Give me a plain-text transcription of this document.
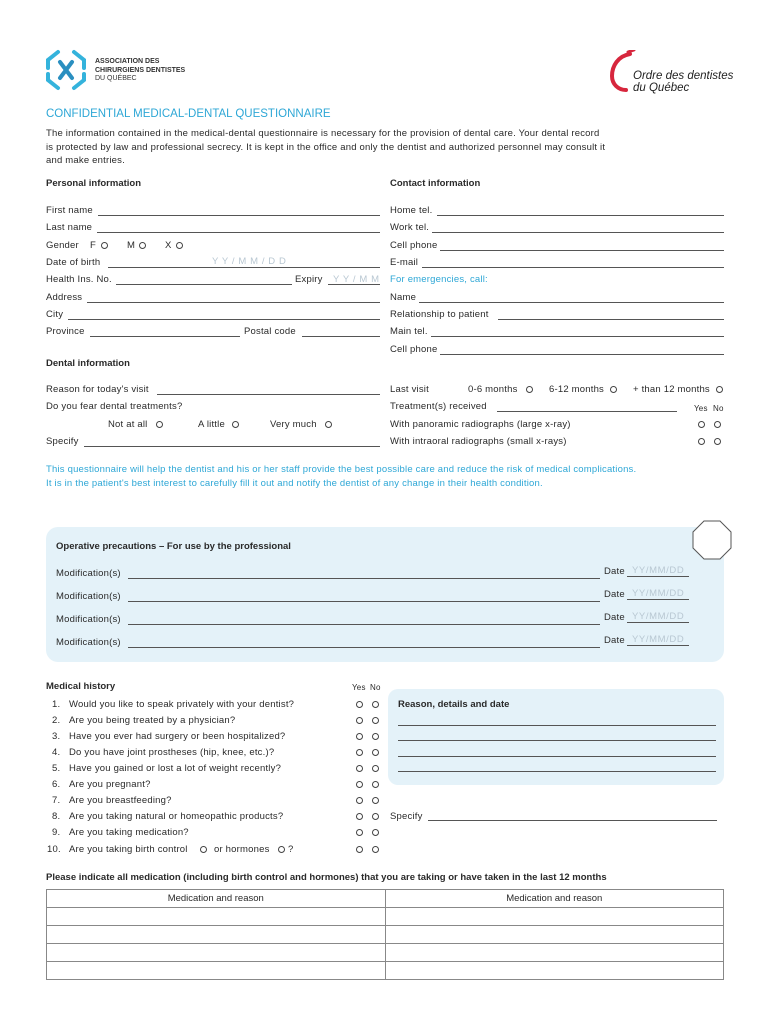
ASSOCIATION DES
CHIRURGIENS DENTISTES
DU QUÉBEC	Ordre des dentistes
du Québec
CONFIDENTIAL MEDICAL-DENTAL QUESTIONNAIRE
The information contained in the medical-dental questionnaire is necessary for the provision of dental care. Your dental record
is protected by law and professional secrecy. It is kept in the office and only the dentist and authorized personnel may consult it
and make entries.
Personal information
First name
Last name
Gender F	M	X
Date of birth	Y Y / M M / D D
Health Ins. No.	Expiry Y Y / M M
Address
City
Province	Postal code
Contact information
Home tel.
Work tel.
Cell phone
E-mail
For emergencies, call:
Name
Relationship to patient
Main tel.
Cell phone
Dental information
Reason for today's visit
Do you fear dental treatments?
Not at all	A little	Very much
Specify
Last visit	0-6 months	6-12 months	+ than 12 months
Treatment(s) received	Yes No
With panoramic radiographs (large x-ray)
With intraoral radiographs (small x-rays)
This questionnaire will help the dentist and his or her staff provide the best possible care and reduce the risk of medical complications.
It is in the patient's best interest to carefully fill it out and notify the dentist of any change in their health condition.
Operative precautions – For use by the professional
Modification(s)	Date YY/MM/DD
Modification(s)	Date YY/MM/DD
Modification(s)	Date YY/MM/DD
Modification(s)	Date YY/MM/DD
Medical history	Yes No
1. Would you like to speak privately with your dentist?
2. Are you being treated by a physician?
3. Have you ever had surgery or been hospitalized?
4. Do you have joint prostheses (hip, knee, etc.)?
5. Have you gained or lost a lot of weight recently?
6. Are you pregnant?
7. Are you breastfeeding?
8. Are you taking natural or homeopathic products?
9. Are you taking medication?
10. Are you taking birth control	or hormones ?
Reason, details and date
Specify
Please indicate all medication (including birth control and hormones) that you are taking or have taken in the last 12 months
Medication and reason	Medication and reason
